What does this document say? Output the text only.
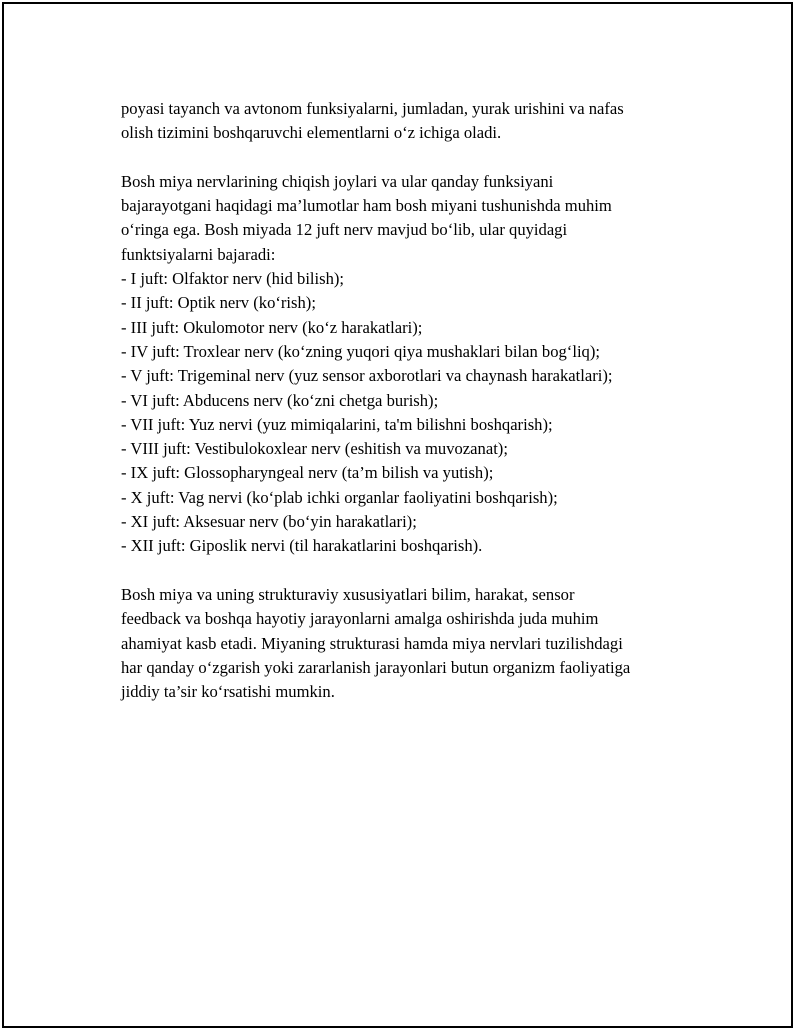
poyasi tayanch va avtonom funksiyalarni, jumladan, yurak urishini va nafas
olish tizimini boshqaruvchi elementlarni o‘z ichiga oladi.

Bosh miya nervlarining chiqish joylari va ular qanday funksiyani
bajarayotgani haqidagi ma’lumotlar ham bosh miyani tushunishda muhim
o‘ringa ega. Bosh miyada 12 juft nerv mavjud bo‘lib, ular quyidagi
funktsiyalarni bajaradi:

- I juft: Olfaktor nerv (hid bilish);
- II juft: Optik nerv (ko‘rish);
- III juft: Okulomotor nerv (ko‘z harakatlari);
- IV juft: Troxlear nerv (ko‘zning yuqori qiya mushaklari bilan bog‘liq);
- V juft: Trigeminal nerv (yuz sensor axborotlari va chaynash harakatlari);
- VI juft: Abducens nerv (ko‘zni chetga burish);
- VII juft: Yuz nervi (yuz mimiqalarini, ta'm bilishni boshqarish);
- VIII juft: Vestibulokoxlear nerv (eshitish va muvozanat);
- IX juft: Glossopharyngeal nerv (ta’m bilish va yutish);
- X juft: Vag nervi (ko‘plab ichki organlar faoliyatini boshqarish);
- XI juft: Aksesuar nerv (bo‘yin harakatlari);
- XII juft: Giposlik nervi (til harakatlarini boshqarish).

Bosh miya va uning strukturaviy xususiyatlari bilim, harakat, sensor
feedback va boshqa hayotiy jarayonlarni amalga oshirishda juda muhim
ahamiyat kasb etadi. Miyaning strukturasi hamda miya nervlari tuzilishdagi
har qanday o‘zgarish yoki zararlanish jarayonlari butun organizm faoliyatiga
jiddiy ta’sir ko‘rsatishi mumkin.
